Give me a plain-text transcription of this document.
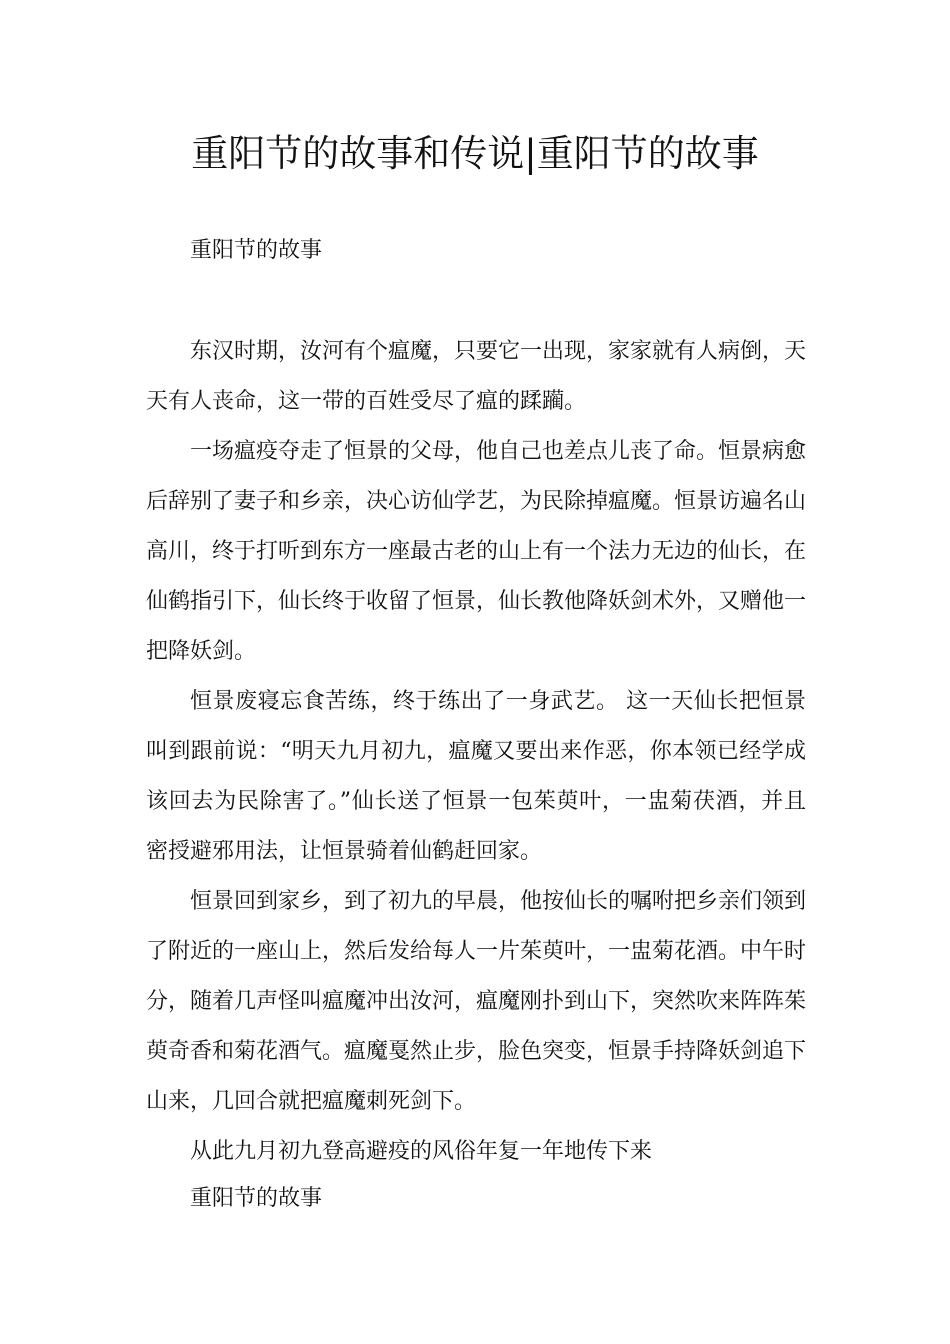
重阳节的故事和传说|重阳节的故事

重阳节的故事

东汉时期，汝河有个瘟魔，只要它一出现，家家就有人病倒，天天有人丧命，这一带的百姓受尽了瘟的蹂躏。

一场瘟疫夺走了恒景的父母，他自己也差点儿丧了命。恒景病愈后辞别了妻子和乡亲，决心访仙学艺，为民除掉瘟魔。恒景访遍名山高川，终于打听到东方一座最古老的山上有一个法力无边的仙长，在仙鹤指引下，仙长终于收留了恒景，仙长教他降妖剑术外，又赠他一把降妖剑。

恒景废寝忘食苦练，终于练出了一身武艺。 这一天仙长把恒景叫到跟前说：“明天九月初九，瘟魔又要出来作恶，你本领已经学成该回去为民除害了。”仙长送了恒景一包茱萸叶，一盅菊茯酒，并且密授避邪用法，让恒景骑着仙鹤赶回家。

恒景回到家乡，到了初九的早晨，他按仙长的嘱咐把乡亲们领到了附近的一座山上，然后发给每人一片茱萸叶，一盅菊花酒。中午时分，随着几声怪叫瘟魔冲出汝河，瘟魔刚扑到山下，突然吹来阵阵茱萸奇香和菊花酒气。瘟魔戛然止步，脸色突变，恒景手持降妖剑追下山来，几回合就把瘟魔刺死剑下。

从此九月初九登高避疫的风俗年复一年地传下来

重阳节的故事
